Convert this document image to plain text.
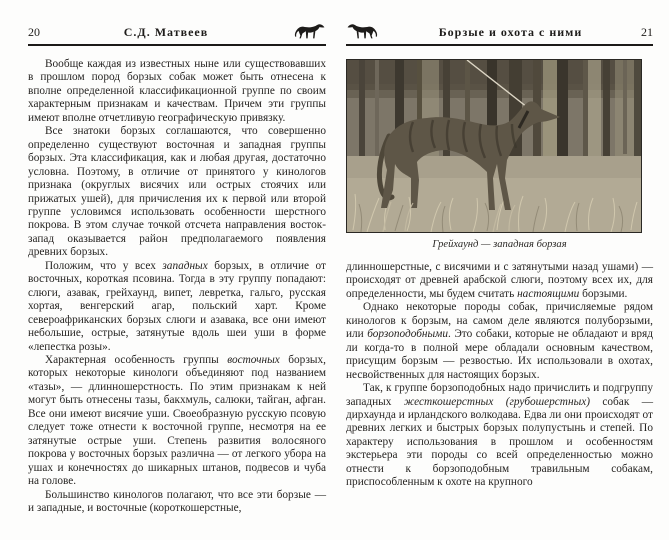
20	С.Д. Матвеев

Вообще каждая из известных ныне или существовавших в прошлом пород борзых собак может быть отнесена к вполне определенной классификационной группе по своим характерным признакам и качествам. Причем эти группы имеют вполне отчетливую географическую привязку.

Все знатоки борзых соглашаются, что совершенно определенно существуют восточная и западная группы борзых. Эта классификация, как и любая другая, достаточно условна. Поэтому, в отличие от принятого у кинологов признака (округлых висячих или острых стоячих или прижатых ушей), для причисления их к первой или второй группе условимся использовать особенности шерстного покрова. В этом случае точкой отсчета направления восток-запад оказывается район предполагаемого появления древних борзых.

Положим, что у всех западных борзых, в отличие от восточных, короткая псовина. Тогда в эту группу попадают: слюги, азавак, грейхаунд, випет, левретка, гальго, русская хортая, венгерский агар, польский харт. Кроме североафриканских борзых слюги и азавака, все они имеют небольшие, острые, затянутые вдоль шеи уши в форме «лепестка розы».

Характерная особенность группы восточных борзых, которых некоторые кинологи объединяют под названием «тазы», — длинношерстность. По этим признакам к ней могут быть отнесены тазы, бакхмуль, салюки, тайган, афган. Все они имеют висячие уши. Своеобразную русскую псовую следует тоже отнести к восточной группе, несмотря на ее затянутые острые уши. Степень развития волосяного покрова у восточных борзых различна — от легкого убора на ушах и конечностях до шикарных штанов, подвесов и чуба на голове.

Большинство кинологов полагают, что все эти борзые — и западные, и восточные (короткошерстные,

Борзые и охота с ними	21
Грейхаунд — западная борзая

длинношерстные, с висячими и с затянутыми назад ушами) — происходят от древней арабской слюги, поэтому всех их, для определенности, мы будем считать настоящими борзыми.

Однако некоторые породы собак, причисляемые рядом кинологов к борзым, на самом деле являются полуборзыми, или борзоподобными. Это собаки, которые не обладают и вряд ли когда-то в полной мере обладали основным качеством, присущим борзым — резвостью. Их использовали в охотах, несвойственных для настоящих борзых.

Так, к группе борзоподобных надо причислить и подгруппу западных жесткошерстных (грубошерстных) собак — дирхаунда и ирландского волкодава. Едва ли они происходят от древних легких и быстрых борзых полупустынь и степей. По характеру использования в прошлом и особенностям экстерьера эти породы со всей определенностью можно отнести к борзоподобным травильным собакам, приспособленным к охоте на крупного
